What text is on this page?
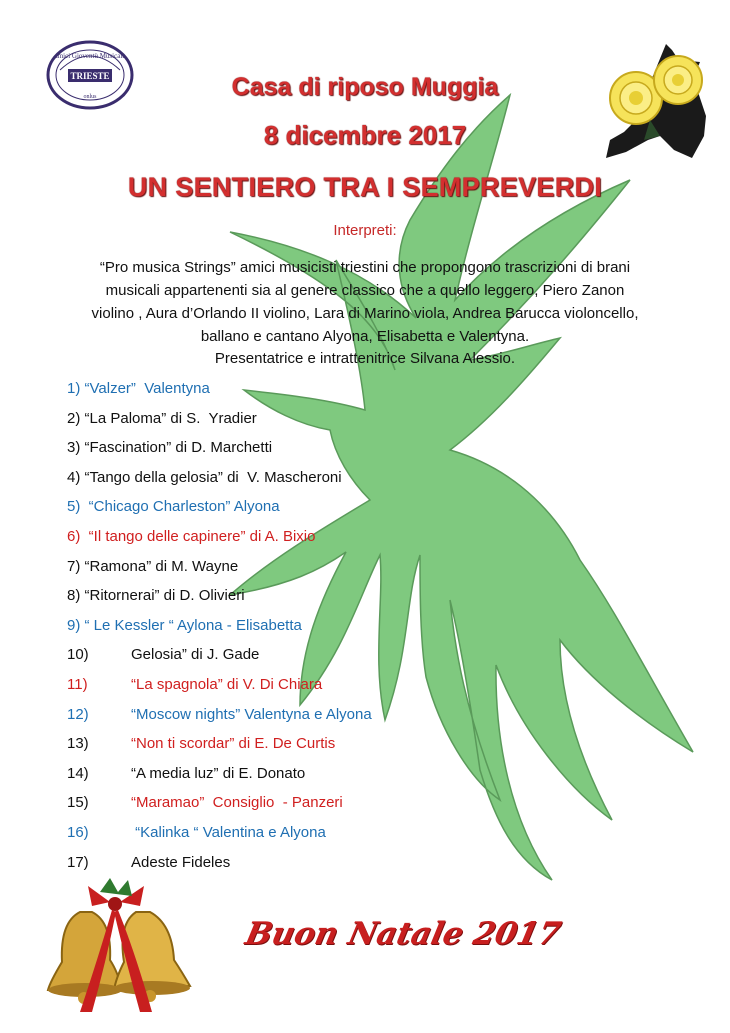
amici Gioventù Musicale
TRIESTE
onlus	Casa di riposo Muggia
8 dicembre 2017
UN SENTIERO TRA I SEMPREVERDI
Interpreti:
“Pro musica Strings” amici musicisti triestini che propongono trascrizioni di brani
musicali appartenenti sia al genere classico che a quello leggero, Piero Zanon
violino , Aura d’Orlando II violino, Lara di Marino viola, Andrea Barucca violoncello,
ballano e cantano Alyona, Elisabetta e Valentyna.
Presentatrice e intrattenitrice Silvana Alessio.
1) “Valzer”  Valentyna
2) “La Paloma” di S.  Yradier
3) “Fascination” di D. Marchetti
4) “Tango della gelosia” di  V. Mascheroni
5)  “Chicago Charleston” Alyona
6)  “Il tango delle capinere” di A. Bixio
7) “Ramona” di M. Wayne
8) “Ritornerai” di D. Olivieri
9) “ Le Kessler “ Aylona - Elisabetta
10)	Gelosia” di J. Gade
11)	“La spagnola” di V. Di Chiara
12)	“Moscow nights” Valentyna e Alyona
13)	“Non ti scordar” di E. De Curtis
14)	“A media luz” di E. Donato
15)	“Maramao”  Consiglio  - Panzeri
16)	“Kalinka “ Valentina e Alyona
17)	Adeste Fideles
Buon Natale 2017
